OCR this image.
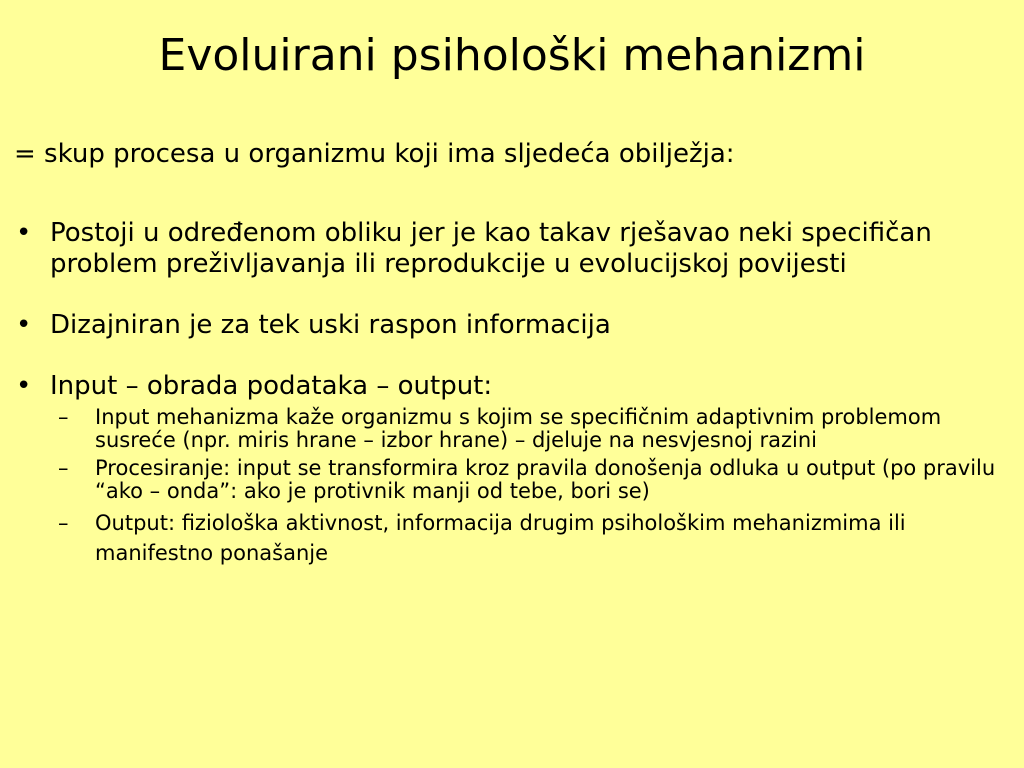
Evoluirani psihološki mehanizmi

= skup procesa u organizmu koji ima sljedeća obilježja:

• Postoji u određenom obliku jer je kao takav rješavao neki specifičan problem preživljavanja ili reprodukcije u evolucijskoj povijesti
• Dizajniran je za tek uski raspon informacija
• Input – obrada podataka – output:
– Input mehanizma kaže organizmu s kojim se specifičnim adaptivnim problemom susreće (npr. miris hrane – izbor hrane) – djeluje na nesvjesnoj razini
– Procesiranje: input se transformira kroz pravila donošenja odluka u output (po pravilu “ako – onda”: ako je protivnik manji od tebe, bori se)
– Output: fiziološka aktivnost, informacija drugim psihološkim mehanizmima ili manifestno ponašanje
